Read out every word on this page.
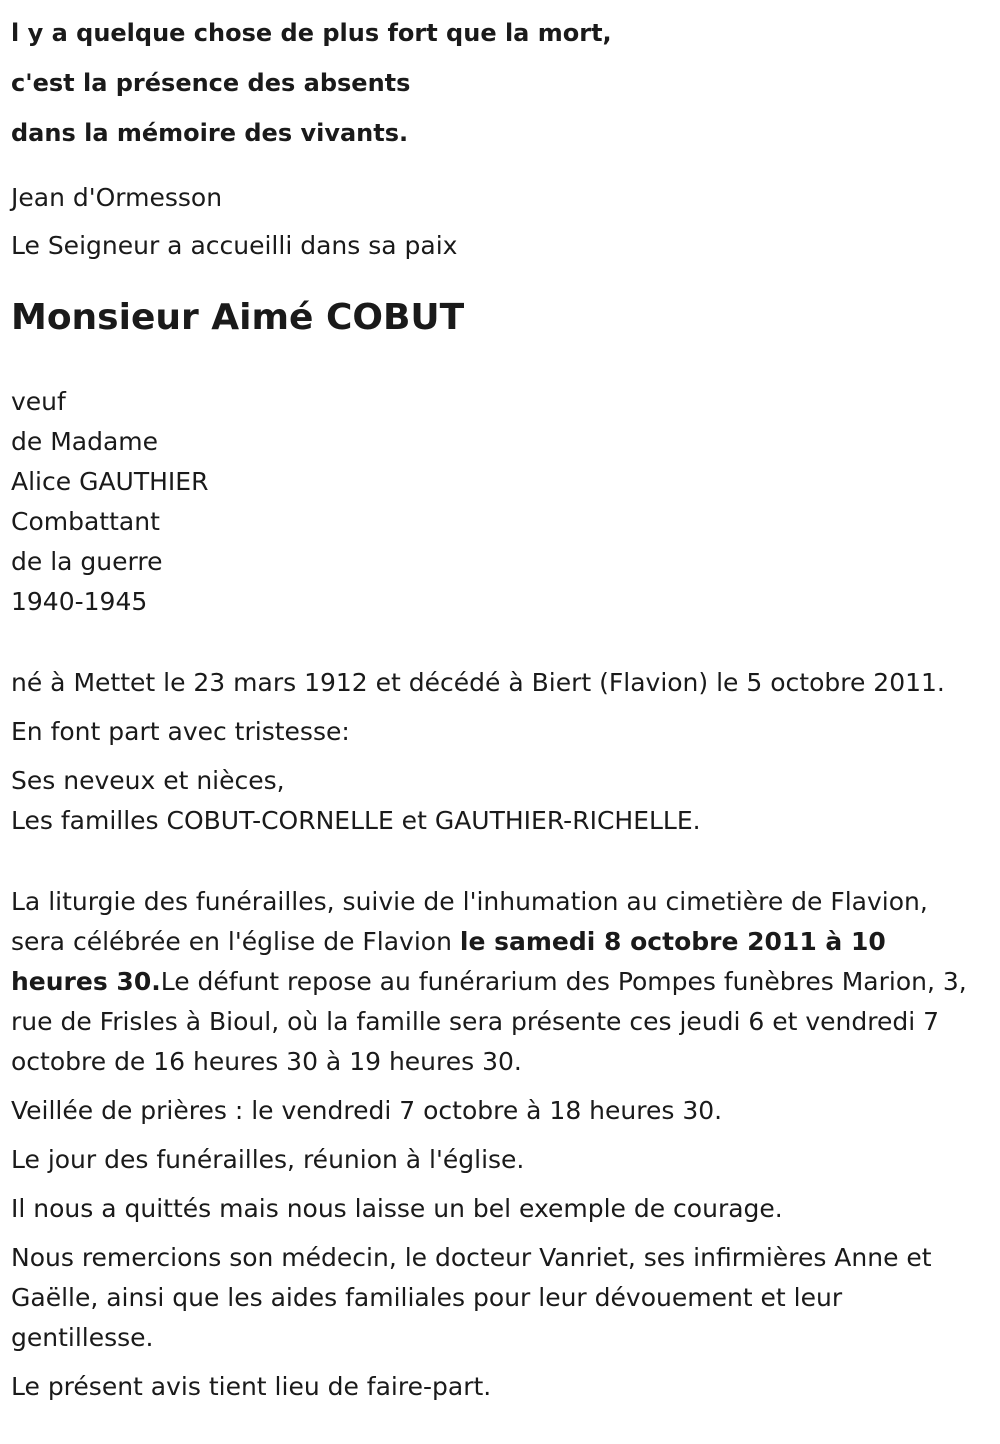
l y a quelque chose de plus fort que la mort,

c'est la présence des absents

dans la mémoire des vivants.

Jean d'Ormesson

Le Seigneur a accueilli dans sa paix

Monsieur Aimé COBUT

veuf

de Madame

Alice GAUTHIER

Combattant

de la guerre

1940-1945

né à Mettet le 23 mars 1912 et décédé à Biert (Flavion) le 5 octobre 2011.

En font part avec tristesse:

Ses neveux et nièces,

Les familles COBUT-CORNELLE et GAUTHIER-RICHELLE.

La liturgie des funérailles, suivie de l'inhumation au cimetière de Flavion, sera célébrée en l'église de Flavion le samedi 8 octobre 2011 à 10 heures 30.Le défunt repose au funérarium des Pompes funèbres Marion, 3, rue de Frisles à Bioul, où la famille sera présente ces jeudi 6 et vendredi 7 octobre de 16 heures 30 à 19 heures 30.

Veillée de prières : le vendredi 7 octobre à 18 heures 30.

Le jour des funérailles, réunion à l'église.

Il nous a quittés mais nous laisse un bel exemple de courage.

Nous remercions son médecin, le docteur Vanriet, ses infirmières Anne et Gaëlle, ainsi que les aides familiales pour leur dévouement et leur gentillesse.

Le présent avis tient lieu de faire-part.
